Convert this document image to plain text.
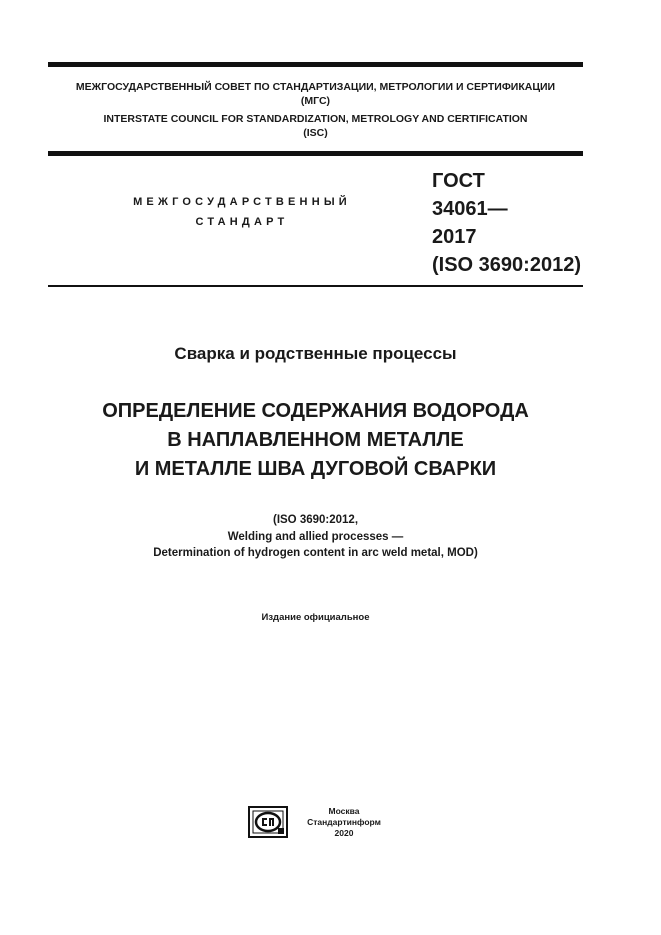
МЕЖГОСУДАРСТВЕННЫЙ СОВЕТ ПО СТАНДАРТИЗАЦИИ, МЕТРОЛОГИИ И СЕРТИФИКАЦИИ
(МГС)
INTERSTATE COUNCIL FOR STANDARDIZATION, METROLOGY AND CERTIFICATION
(ISC)
МЕЖГОСУДАРСТВЕННЫЙ
СТАНДАРТ
ГОСТ
34061—
2017
(ISO 3690:2012)
Сварка и родственные процессы
ОПРЕДЕЛЕНИЕ СОДЕРЖАНИЯ ВОДОРОДА
В НАПЛАВЛЕННОМ МЕТАЛЛЕ
И МЕТАЛЛЕ ШВА ДУГОВОЙ СВАРКИ
(ISO 3690:2012,
Welding and allied processes —
Determination of hydrogen content in arc weld metal, MOD)
Издание официальное
Москва
Стандартинформ
2020
